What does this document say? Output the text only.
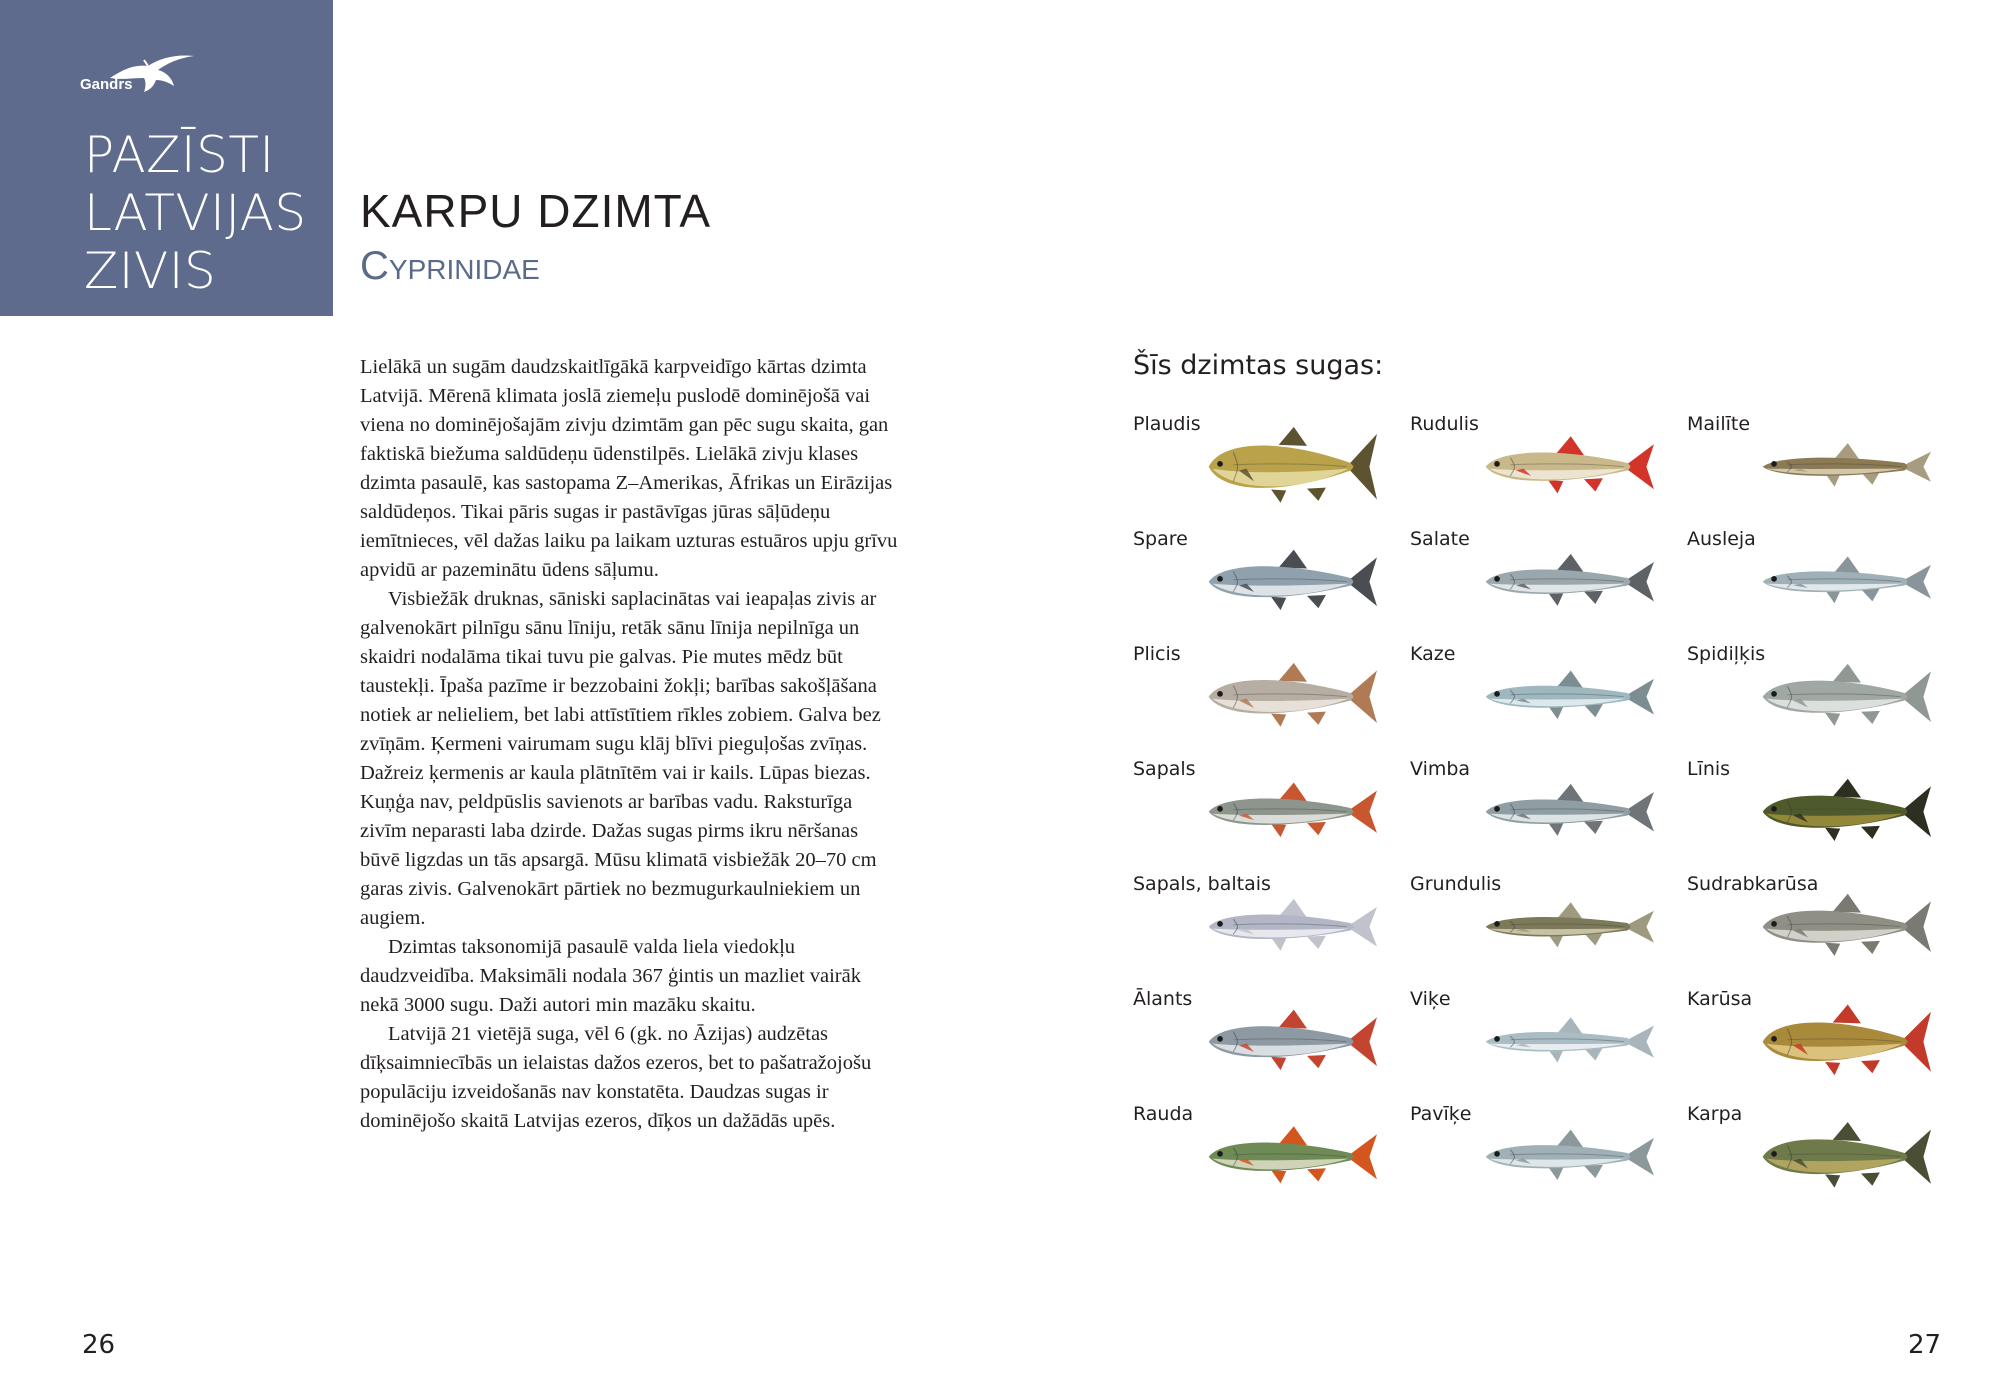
Gandrs
PAZĪSTI
LATVIJAS
ZIVIS
KARPU DZIMTA
Cyprinidae

Lielākā un sugām daudzskaitlīgākā karpveidīgo kārtas dzimta Latvijā. Mērenā klimata joslā ziemeļu puslodē dominējošā vai viena no dominējošajām zivju dzimtām gan pēc sugu skaita, gan faktiskā biežuma saldūdeņu ūdenstilpēs. Lielākā zivju klases dzimta pasaulē, kas sastopama Z–Amerikas, Āfrikas un Eirāzijas saldūdeņos. Tikai pāris sugas ir pastāvīgas jūras sāļūdeņu iemītnieces, vēl dažas laiku pa laikam uzturas estuāros upju grīvu apvidū ar pazeminātu ūdens sāļumu.

Visbiežāk druknas, sāniski saplacinātas vai ieapaļas zivis ar galvenokārt pilnīgu sānu līniju, retāk sānu līnija nepilnīga un skaidri nodalāma tikai tuvu pie galvas. Pie mutes mēdz būt taustekļi. Īpaša pazīme ir bezzobaini žokļi; barības sakošļāšana notiek ar nelieliem, bet labi attīstītiem rīkles zobiem. Galva bez zvīņām. Ķermeni vairumam sugu klāj blīvi pieguļošas zvīņas. Dažreiz ķermenis ar kaula plātnītēm vai ir kails. Lūpas biezas. Kuņģa nav, peldpūslis savienots ar barības vadu. Raksturīga zivīm neparasti laba dzirde. Dažas sugas pirms ikru nēršanas būvē ligzdas un tās apsargā. Mūsu klimatā visbiežāk 20–70 cm garas zivis. Galvenokārt pārtiek no bezmugurkaulniekiem un augiem.

Dzimtas taksonomijā pasaulē valda liela viedokļu daudzveidība. Maksimāli nodala 367 ģintis un mazliet vairāk nekā 3000 sugu. Daži autori min mazāku skaitu.

Latvijā 21 vietējā suga, vēl 6 (gk. no Āzijas) audzētas dīķsaimniecībās un ielaistas dažos ezeros, bet to pašatražojošu populāciju izveidošanās nav konstatēta. Daudzas sugas ir dominējošo skaitā Latvijas ezeros, dīķos un dažādās upēs.

Šīs dzimtas sugas:
Plaudis	Rudulis	Mailīte
Spare	Salate	Ausleja
Plicis	Kaze	Spidiļķis
Sapals	Vimba	Līnis
Sapals, baltais	Grundulis	Sudrabkarūsa
Ālants	Viķe	Karūsa
Rauda	Pavīķe	Karpa
26	27
